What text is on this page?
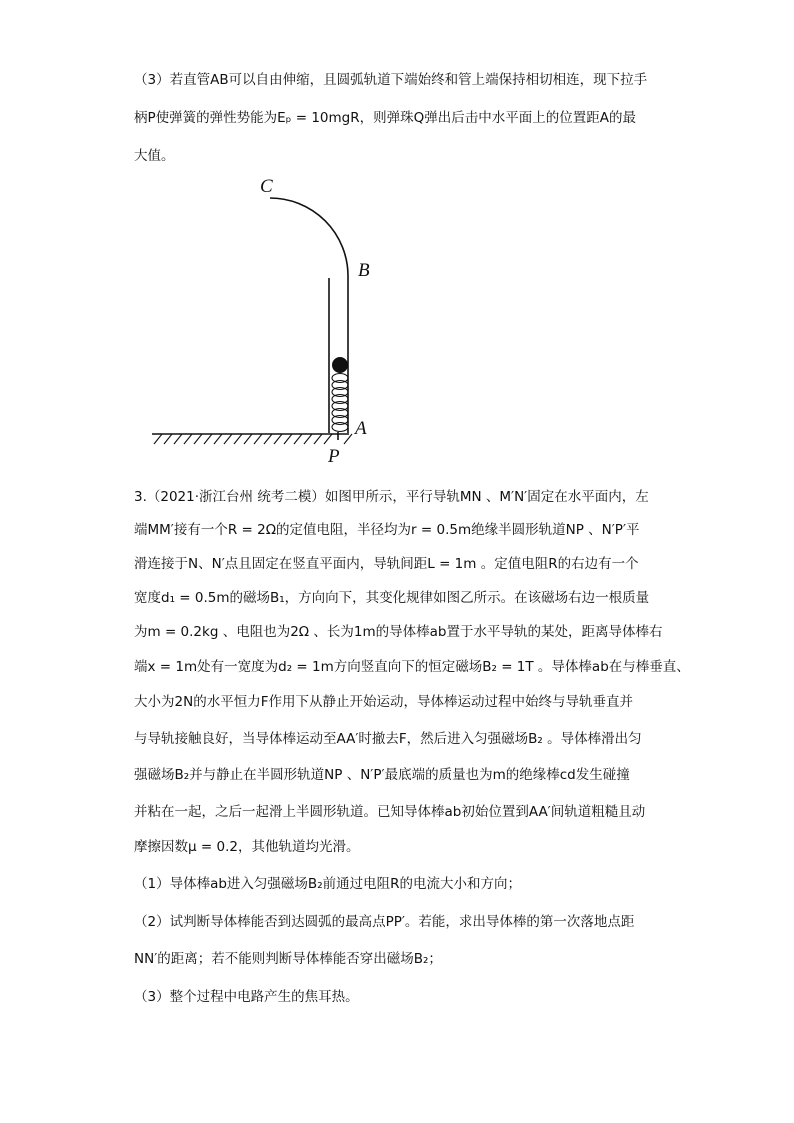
（3）若直管AB可以自由伸缩，且圆弧轨道下端始终和管上端保持相切相连，现下拉手
柄P使弹簧的弹性势能为Eₚ = 10mgR，则弹珠Q弹出后击中水平面上的位置距A的最
大值。
C
B
A
P
3.（2021·浙江台州 统考二模）如图甲所示，平行导轨MN 、M′N′固定在水平面内，左
端MM′接有一个R = 2Ω的定值电阻，半径均为r = 0.5m绝缘半圆形轨道NP 、N′P′平
滑连接于N、N′点且固定在竖直平面内，导轨间距L = 1m 。定值电阻R的右边有一个
宽度d₁ = 0.5m的磁场B₁，方向向下，其变化规律如图乙所示。在该磁场右边一根质量
为m = 0.2kg 、电阻也为2Ω 、长为1m的导体棒ab置于水平导轨的某处，距离导体棒右
端x = 1m处有一宽度为d₂ = 1m方向竖直向下的恒定磁场B₂ = 1T 。导体棒ab在与棒垂直、
大小为2N的水平恒力F作用下从静止开始运动，导体棒运动过程中始终与导轨垂直并
与导轨接触良好，当导体棒运动至AA′时撤去F，然后进入匀强磁场B₂ 。导体棒滑出匀
强磁场B₂并与静止在半圆形轨道NP 、N′P′最底端的质量也为m的绝缘棒cd发生碰撞
并粘在一起，之后一起滑上半圆形轨道。已知导体棒ab初始位置到AA′间轨道粗糙且动
摩擦因数μ = 0.2，其他轨道均光滑。
（1）导体棒ab进入匀强磁场B₂前通过电阻R的电流大小和方向；
（2）试判断导体棒能否到达圆弧的最高点PP′。若能，求出导体棒的第一次落地点距
NN′的距离；若不能则判断导体棒能否穿出磁场B₂；
（3）整个过程中电路产生的焦耳热。
